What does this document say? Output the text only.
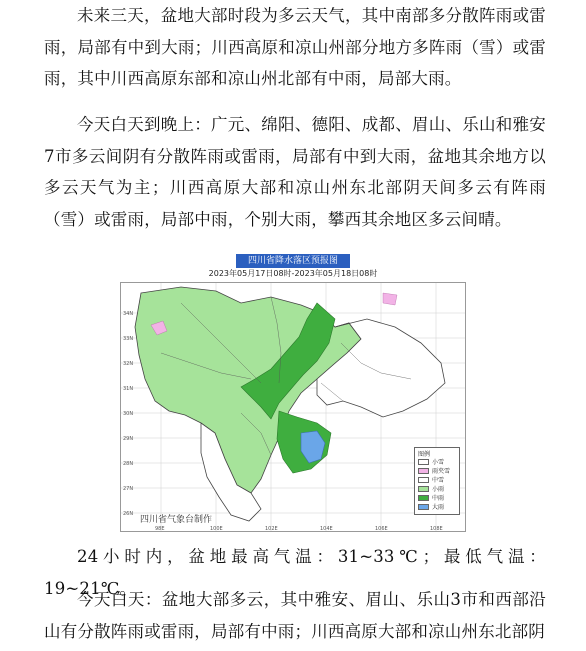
未来三天，盆地大部时段为多云天气，其中南部多分散阵雨或雷雨，局部有中到大雨；川西高原和凉山州部分地方多阵雨（雪）或雷雨，其中川西高原东部和凉山州北部有中雨，局部大雨。

今天白天到晚上：广元、绵阳、德阳、成都、眉山、乐山和雅安7市多云间阴有分散阵雨或雷雨，局部有中到大雨，盆地其余地方以多云天气为主；川西高原大部和凉山州东北部阴天间多云有阵雨（雪）或雷雨，局部中雨，个别大雨，攀西其余地区多云间晴。

四川省降水落区预报图
2023年05月17日08时-2023年05月18日08时
34N
33N
32N
31N
30N
29N
28N
27N
26N
98E	100E	102E	104E	106E	108E
四川省气象台制作
图例
小雪
雨夹雪
中雪
小雨
中雨
大雨

24小时内，盆地最高气温：31~33℃；最低气温：19~21℃。

今天白天：盆地大部多云，其中雅安、眉山、乐山3市和西部沿山有分散阵雨或雷雨，局部有中雨；川西高原大部和凉山州东北部阴
